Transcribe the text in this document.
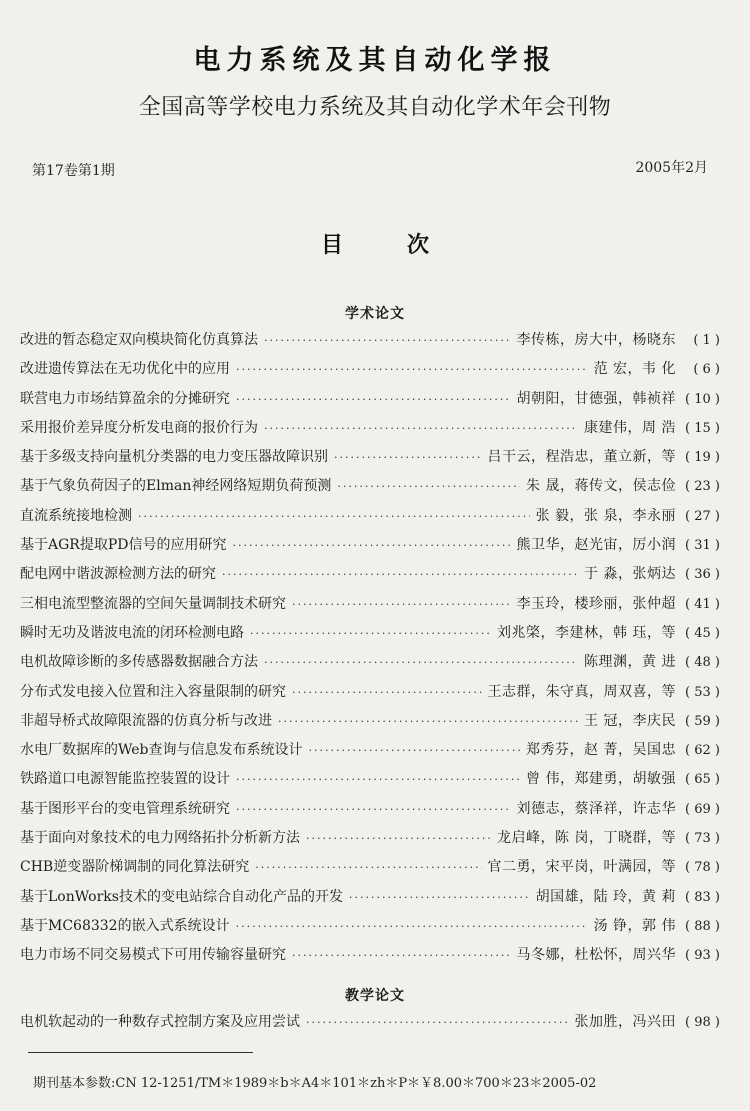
电力系统及其自动化学报
全国高等学校电力系统及其自动化学术年会刊物
第17卷第1期	2005年2月
目次
学术论文
改进的暂态稳定双向模块简化仿真算法 ·····	李传栋，房大中，杨晓东	( 1 )
改进遗传算法在无功优化中的应用 ·····	范 宏，韦 化	( 6 )
联营电力市场结算盈余的分摊研究 ·····	胡朝阳，甘德强，韩祯祥 ( 10 )
采用报价差异度分析发电商的报价行为 ·····	康建伟，周 浩 ( 15 )
基于多级支持向量机分类器的电力变压器故障识别 ·····	吕干云，程浩忠，董立新，等 ( 19 )
基于气象负荷因子的Elman神经网络短期负荷预测 ·····	朱 晟，蒋传文，侯志俭 ( 23 )
直流系统接地检测 ·····	张 毅，张 泉，李永丽 ( 27 )
基于AGR提取PD信号的应用研究 ·····	熊卫华，赵光宙，厉小润 ( 31 )
配电网中谐波源检测方法的研究 ·····	于 淼，张炳达 ( 36 )
三相电流型整流器的空间矢量调制技术研究 ·····	李玉玲，楼珍丽，张仲超 ( 41 )
瞬时无功及谐波电流的闭环检测电路 ·····	刘兆棨，李建林，韩 珏，等 ( 45 )
电机故障诊断的多传感器数据融合方法 ·····	陈理渊，黄 进 ( 48 )
分布式发电接入位置和注入容量限制的研究 ·····	王志群，朱守真，周双喜，等 ( 53 )
非超导桥式故障限流器的仿真分析与改进 ·····	王 冠，李庆民 ( 59 )
水电厂数据库的Web查询与信息发布系统设计 ·····	郑秀芬，赵 菁，吴国忠 ( 62 )
铁路道口电源智能监控装置的设计 ·····	曾 伟，郑建勇，胡敏强 ( 65 )
基于图形平台的变电管理系统研究 ·····	刘德志，蔡泽祥，许志华 ( 69 )
基于面向对象技术的电力网络拓扑分析新方法 ·····	龙启峰，陈 岗，丁晓群，等 ( 73 )
CHB逆变器阶梯调制的同化算法研究 ·····	官二勇，宋平岗，叶满园，等 ( 78 )
基于LonWorks技术的变电站综合自动化产品的开发 ·····	胡国雄，陆 玲，黄 莉 ( 83 )
基于MC68332的嵌入式系统设计 ·····	汤 铮，郭 伟 ( 88 )
电力市场不同交易模式下可用传输容量研究 ·····	马冬娜，杜松怀，周兴华 ( 93 )
教学论文
电机软起动的一种数存式控制方案及应用尝试 ·····	张加胜，冯兴田 ( 98 )
期刊基本参数:CN 12-1251/TM＊1989＊b＊A4＊101＊zh＊P＊￥8.00＊700＊23＊2005-02
